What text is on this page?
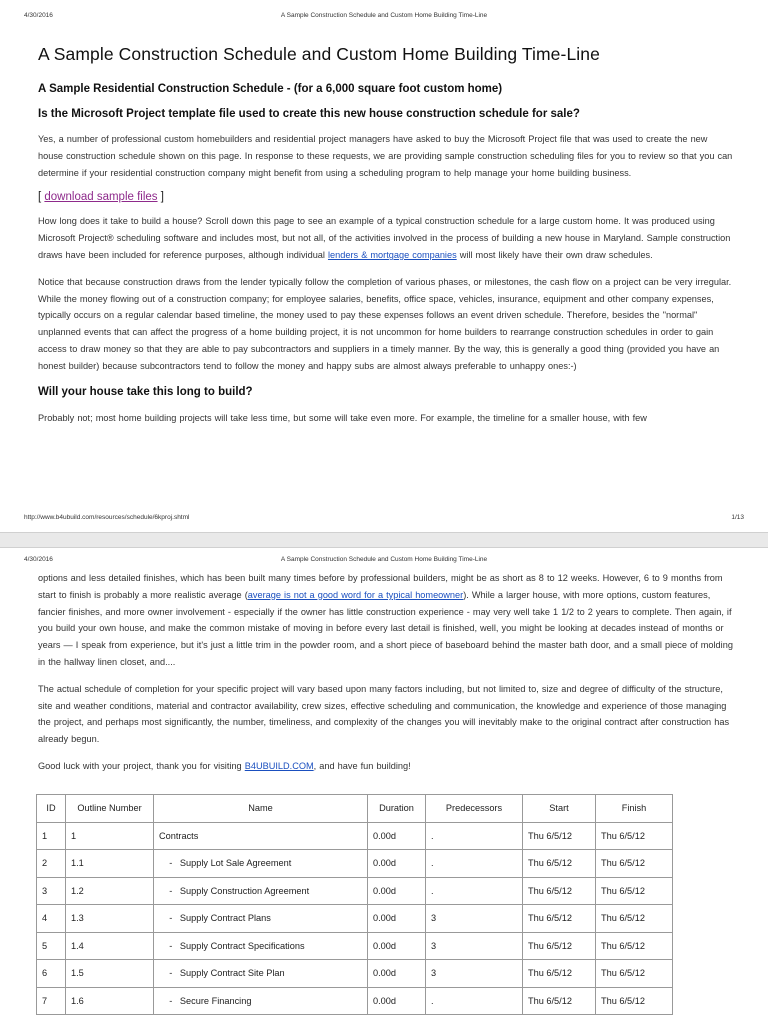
4/30/2016	A Sample Construction Schedule and Custom Home Building Time-Line
A Sample Construction Schedule and Custom Home Building Time-Line
A Sample Residential Construction Schedule - (for a 6,000 square foot custom home)
Is the Microsoft Project template file used to create this new house construction schedule for sale?

Yes, a number of professional custom homebuilders and residential project managers have asked to buy the Microsoft Project file that was used to create the new house construction schedule shown on this page. In response to these requests, we are providing sample construction scheduling files for you to review so that you can determine if your residential construction company might benefit from using a scheduling program to help manage your home building business.

[ download sample files ]

How long does it take to build a house? Scroll down this page to see an example of a typical construction schedule for a large custom home. It was produced using Microsoft Project® scheduling software and includes most, but not all, of the activities involved in the process of building a new house in Maryland. Sample construction draws have been included for reference purposes, although individual lenders & mortgage companies will most likely have their own draw schedules.

Notice that because construction draws from the lender typically follow the completion of various phases, or milestones, the cash flow on a project can be very irregular. While the money flowing out of a construction company; for employee salaries, benefits, office space, vehicles, insurance, equipment and other company expenses, typically occurs on a regular calendar based timeline, the money used to pay these expenses follows an event driven schedule. Therefore, besides the "normal" unplanned events that can affect the progress of a home building project, it is not uncommon for home builders to rearrange construction schedules in order to gain access to draw money so that they are able to pay subcontractors and suppliers in a timely manner. By the way, this is generally a good thing (provided you have an honest builder) because subcontractors tend to follow the money and happy subs are almost always preferable to unhappy ones:-)

Will your house take this long to build?

Probably not; most home building projects will take less time, but some will take even more. For example, the timeline for a smaller house, with few

http://www.b4ubuild.com/resources/schedule/6kproj.shtml	1/13
4/30/2016	A Sample Construction Schedule and Custom Home Building Time-Line

options and less detailed finishes, which has been built many times before by professional builders, might be as short as 8 to 12 weeks. However, 6 to 9 months from start to finish is probably a more realistic average (average is not a good word for a typical homeowner). While a larger house, with more options, custom features, fancier finishes, and more owner involvement - especially if the owner has little construction experience - may very well take 1 1/2 to 2 years to complete. Then again, if you build your own house, and make the common mistake of moving in before every last detail is finished, well, you might be looking at decades instead of months or years — I speak from experience, but it's just a little trim in the powder room, and a short piece of baseboard behind the master bath door, and a small piece of molding in the hallway linen closet, and....

The actual schedule of completion for your specific project will vary based upon many factors including, but not limited to, size and degree of difficulty of the structure, site and weather conditions, material and contractor availability, crew sizes, effective scheduling and communication, the knowledge and experience of those managing the project, and perhaps most significantly, the number, timeliness, and complexity of the changes you will inevitably make to the original contract after construction has already begun.

Good luck with your project, thank you for visiting B4UBUILD.COM, and have fun building!

ID	Outline Number	Name	Duration	Predecessors	Start	Finish
1	1	Contracts	0.00d	.	Thu 6/5/12	Thu 6/5/12
2	1.1	-   Supply Lot Sale Agreement	0.00d	.	Thu 6/5/12	Thu 6/5/12
3	1.2	-   Supply Construction Agreement	0.00d	.	Thu 6/5/12	Thu 6/5/12
4	1.3	-   Supply Contract Plans	0.00d	3	Thu 6/5/12	Thu 6/5/12
5	1.4	-   Supply Contract Specifications	0.00d	3	Thu 6/5/12	Thu 6/5/12
6	1.5	-   Supply Contract Site Plan	0.00d	3	Thu 6/5/12	Thu 6/5/12
7	1.6	-   Secure Financing	0.00d	.	Thu 6/5/12	Thu 6/5/12
